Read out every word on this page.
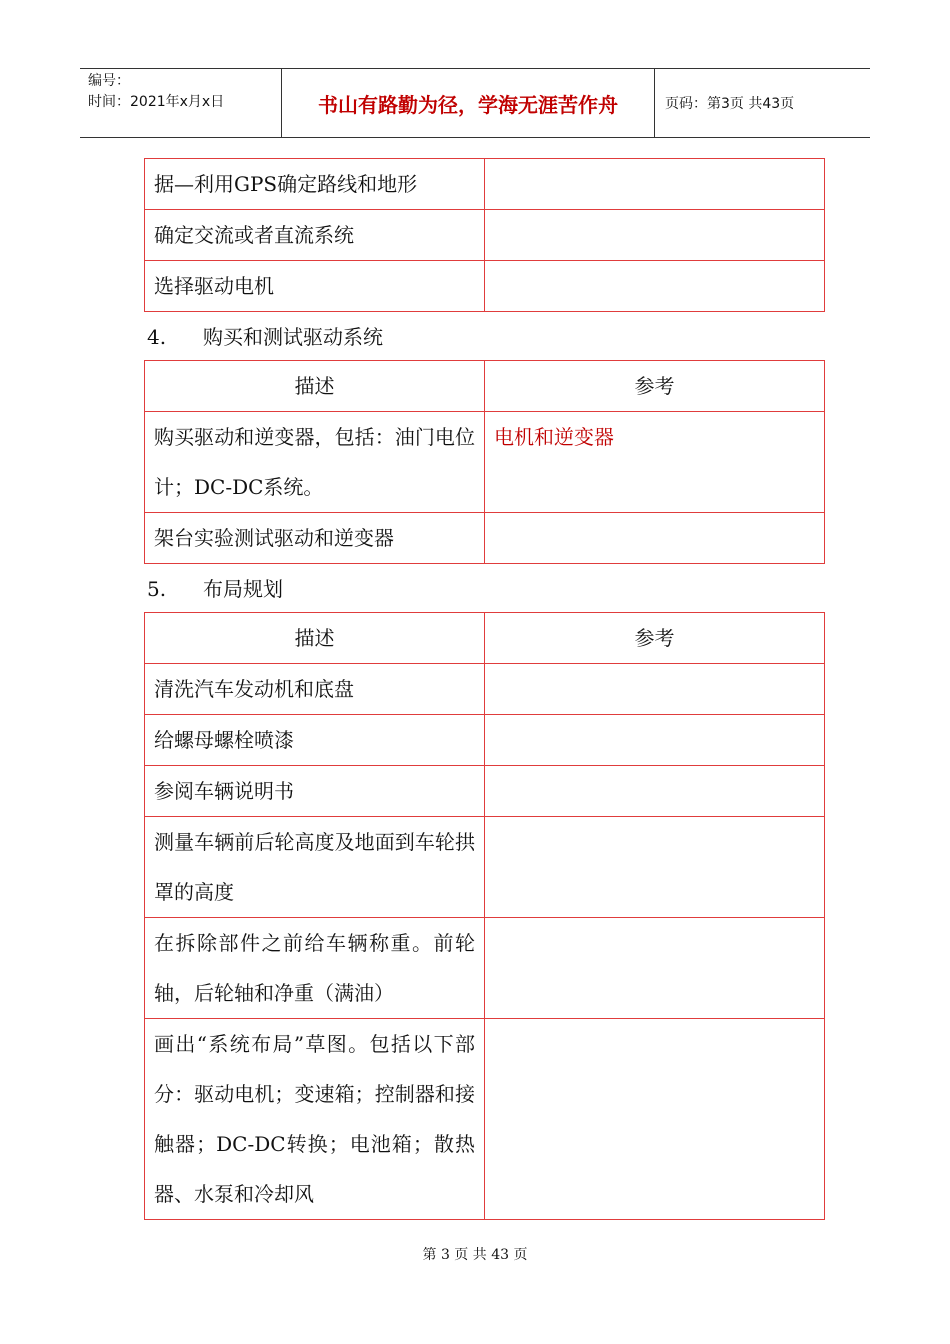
编号：
时间：2021年x月x日	书山有路勤为径，学海无涯苦作舟	页码：第3页 共43页
据—利用GPS确定路线和地形	
确定交流或者直流系统	
选择驱动电机	
4. 购买和测试驱动系统
描述	参考
购买驱动和逆变器，包括：油门电位计；DC-DC系统。	电机和逆变器
架台实验测试驱动和逆变器	
5. 布局规划
描述	参考
清洗汽车发动机和底盘	
给螺母螺栓喷漆	
参阅车辆说明书	
测量车辆前后轮高度及地面到车轮拱罩的高度	
在拆除部件之前给车辆称重。前轮轴，后轮轴和净重（满油）	
画出“系统布局”草图。包括以下部分：驱动电机；变速箱；控制器和接触器；DC-DC转换；电池箱；散热器、水泵和冷却风	
第 3 页 共 43 页
